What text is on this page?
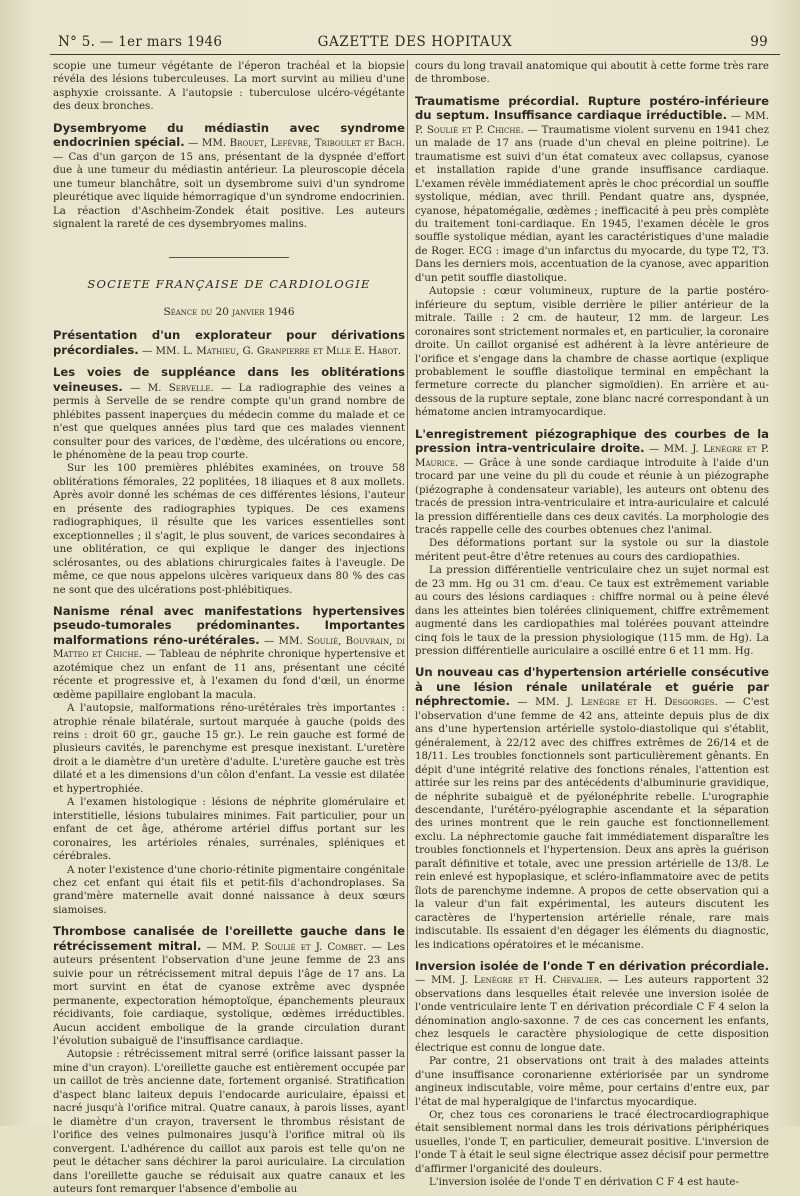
N° 5. — 1er mars 1946	GAZETTE DES HOPITAUX	99

scopie une tumeur végétante de l'éperon trachéal et la biopsie révéla des lésions tuberculeuses. La mort survint au milieu d'une asphyxie croissante. A l'autopsie : tuberculose ulcéro-végétante des deux bronches.

Dysembryome du médiastin avec syndrome endocrinien spécial. — MM. Brouet, Lefèvre, Tribouleт et Bach. — Cas d'un garçon de 15 ans, présentant de la dyspnée d'effort due à une tumeur du médiastin antérieur. La pleuroscopie décela une tumeur blanchâtre, soit un dysembrome suivi d'un syndrome pleurétique avec liquide hémorragique d'un syndrome endocrinien. La réaction d'Aschheim-Zondek était positive. Les auteurs signalent la rareté de ces dysembryomes malins.

SOCIETE FRANÇAISE DE CARDIOLOGIE
Séance du 20 janvier 1946

Présentation d'un explorateur pour dérivations précordiales. — MM. L. Mathieu, G. Granpierre et Mlle E. Habot.

Les voies de suppléance dans les oblitérations veineuses. — M. Servelle. — La radiographie des veines a permis à Servelle de se rendre compte qu'un grand nombre de phlébites passent inaperçues du médecin comme du malade et ce n'est que quelques années plus tard que ces malades viennent consulter pour des varices, de l'œdème, des ulcérations ou encore, le phénomène de la peau trop courte.

Sur les 100 premières phlébites examinées, on trouve 58 oblitérations fémorales, 22 poplitées, 18 iliaques et 8 aux mollets. Après avoir donné les schémas de ces différentes lésions, l'auteur en présente des radiographies typiques. De ces examens radiographiques, il résulte que les varices essentielles sont exceptionnelles ; il s'agit, le plus souvent, de varices secondaires à une oblitération, ce qui explique le danger des injections sclérosantes, ou des ablations chirurgicales faites à l'aveugle. De même, ce que nous appelons ulcères variqueux dans 80 % des cas ne sont que des ulcérations post-phlébitiques.

Nanisme rénal avec manifestations hypertensives pseudo-tumorales prédominantes. Importantes malformations réno-urétérales. — MM. Soulié, Bouvrain, di Matteo et Chiche. — Tableau de néphrite chronique hypertensive et azotémique chez un enfant de 11 ans, présentant une cécité récente et progressive et, à l'examen du fond d'œil, un énorme œdème papillaire englobant la macula.

A l'autopsie, malformations réno-urétérales très importantes : atrophie rénale bilatérale, surtout marquée à gauche (poids des reins : droit 60 gr., gauche 15 gr.). Le rein gauche est formé de plusieurs cavités, le parenchyme est presque inexistant. L'uretère droit a le diamètre d'un uretère d'adulte. L'uretère gauche est très dilaté et a les dimensions d'un côlon d'enfant. La vessie est dilatée et hypertrophiée.

A l'examen histologique : lésions de néphrite glomérulaire et interstitielle, lésions tubulaires minimes. Fait particulier, pour un enfant de cet âge, athérome artériel diffus portant sur les coronaires, les artérioles rénales, surrénales, spléniques et cérébrales.

A noter l'existence d'une chorio-rétinite pigmentaire congénitale chez cet enfant qui était fils et petit-fils d'achondroplases. Sa grand'mère maternelle avait donné naissance à deux sœurs siamoises.

Thrombose canalisée de l'oreillette gauche dans le rétrécissement mitral. — MM. P. Soulié et J. Combet. — Les auteurs présentent l'observation d'une jeune femme de 23 ans suivie pour un rétrécissement mitral depuis l'âge de 17 ans. La mort survint en état de cyanose extrême avec dyspnée permanente, expectoration hémoptoïque, épanchements pleuraux récidivants, foie cardiaque, systolique, œdèmes irréductibles. Aucun accident embolique de la grande circulation durant l'évolution subaiguë de l'insuffisance cardiaque.

Autopsie : rétrécissement mitral serré (orifice laissant passer la mine d'un crayon). L'oreillette gauche est entièrement occupée par un caillot de très ancienne date, fortement organisé. Stratification d'aspect blanc laiteux depuis l'endocarde auriculaire, épaissi et nacré jusqu'à l'orifice mitral. Quatre canaux, à parois lisses, ayant le diamètre d'un crayon, traversent le thrombus résistant de l'orifice des veines pulmonaires jusqu'à l'orifice mitral où ils convergent. L'adhérence du caillot aux parois est telle qu'on ne peut le détacher sans déchirer la paroi auriculaire. La circulation dans l'oreillette gauche se réduisait aux quatre canaux et les auteurs font remarquer l'absence d'embolie au

cours du long travail anatomique qui aboutit à cette forme très rare de thrombose.

Traumatisme précordial. Rupture postéro-inférieure du septum. Insuffisance cardiaque irréductible. — MM. P. Soulié et P. Chiche. — Traumatisme violent survenu en 1941 chez un malade de 17 ans (ruade d'un cheval en pleine poitrine). Le traumatisme est suivi d'un état comateux avec collapsus, cyanose et installation rapide d'une grande insuffisance cardiaque. L'examen révèle immédiatement après le choc précordial un souffle systolique, médian, avec thrill. Pendant quatre ans, dyspnée, cyanose, hépatomégalie, œdèmes ; inefficacité à peu près complète du traitement toni-cardiaque. En 1945, l'examen décèle le gros souffle systolique médian, ayant les caractéristiques d'une maladie de Roger. ECG : image d'un infarctus du myocarde, du type T2, T3. Dans les derniers mois, accentuation de la cyanose, avec apparition d'un petit souffle diastolique.

Autopsie : cœur volumineux, rupture de la partie postéro-inférieure du septum, visible derrière le pilier antérieur de la mitrale. Taille : 2 cm. de hauteur, 12 mm. de largeur. Les coronaires sont strictement normales et, en particulier, la coronaire droite. Un caillot organisé est adhérent à la lèvre antérieure de l'orifice et s'engage dans la chambre de chasse aortique (explique probablement le souffle diastolique terminal en empêchant la fermeture correcte du plancher sigmoïdien). En arrière et au-dessous de la rupture septale, zone blanc nacré correspondant à un hématome ancien intramyocardique.

L'enregistrement piézographique des courbes de la pression intra-ventriculaire droite. — MM. J. Lenègre et P. Maurice. — Grâce à une sonde cardiaque introduite à l'aide d'un trocard par une veine du pli du coude et réunie à un piézographe (piézographe à condensateur variable), les auteurs ont obtenu des tracés de pression intra-ventriculaire et intra-auriculaire et calculé la pression différentielle dans ces deux cavités. La morphologie des tracés rappelle celle des courbes obtenues chez l'animal.

Des déformations portant sur la systole ou sur la diastole méritent peut-être d'être retenues au cours des cardiopathies.

La pression différentielle ventriculaire chez un sujet normal est de 23 mm. Hg ou 31 cm. d'eau. Ce taux est extrêmement variable au cours des lésions cardiaques : chiffre normal ou à peine élevé dans les atteintes bien tolérées cliniquement, chiffre extrêmement augmenté dans les cardiopathies mal tolérées pouvant atteindre cinq fois le taux de la pression physiologique (115 mm. de Hg). La pression différentielle auriculaire a oscillé entre 6 et 11 mm. Hg.

Un nouveau cas d'hypertension artérielle consécutive à une lésion rénale unilatérale et guérie par néphrectomie. — MM. J. Lenègre et H. Desgorges. — C'est l'observation d'une femme de 42 ans, atteinte depuis plus de dix ans d'une hypertension artérielle systolo-diastolique qui s'établit, généralement, à 22/12 avec des chiffres extrêmes de 26/14 et de 18/11. Les troubles fonctionnels sont particulièrement gênants. En dépit d'une intégrité relative des fonctions rénales, l'attention est attirée sur les reins par des antécédents d'albuminurie gravidique, de néphrite subaiguë et de pyélonéphrite rebelle. L'urographie descendante, l'urétéro-pyélographie ascendante et la séparation des urines montrent que le rein gauche est fonctionnellement exclu. La néphrectomie gauche fait immédiatement disparaître les troubles fonctionnels et l'hypertension. Deux ans après la guérison paraît définitive et totale, avec une pression artérielle de 13/8. Le rein enlevé est hypoplasique, et scléro-inflammatoire avec de petits îlots de parenchyme indemne. A propos de cette observation qui a la valeur d'un fait expérimental, les auteurs discutent les caractères de l'hypertension artérielle rénale, rare mais indiscutable. Ils essaient d'en dégager les éléments du diagnostic, les indications opératoires et le mécanisme.

Inversion isolée de l'onde T en dérivation précordiale. — MM. J. Lenègre et H. Chevalier. — Les auteurs rapportent 32 observations dans lesquelles était relevée une inversion isolée de l'onde ventriculaire lente T en dérivation précordiale C F 4 selon la dénomination anglo-saxonne. 7 de ces cas concernent les enfants, chez lesquels le caractère physiologique de cette disposition électrique est connu de longue date.

Par contre, 21 observations ont trait à des malades atteints d'une insuffisance coronarienne extériorisée par un syndrome angineux indiscutable, voire même, pour certains d'entre eux, par l'état de mal hyperalgique de l'infarctus myocardique.

Or, chez tous ces coronariens le tracé électrocardiographique était sensiblement normal dans les trois dérivations périphériques usuelles, l'onde T, en particulier, demeurait positive. L'inversion de l'onde T à était le seul signe électrique assez décisif pour permettre d'affirmer l'organicité des douleurs.

L'inversion isolée de l'onde T en dérivation C F 4 est haute-
